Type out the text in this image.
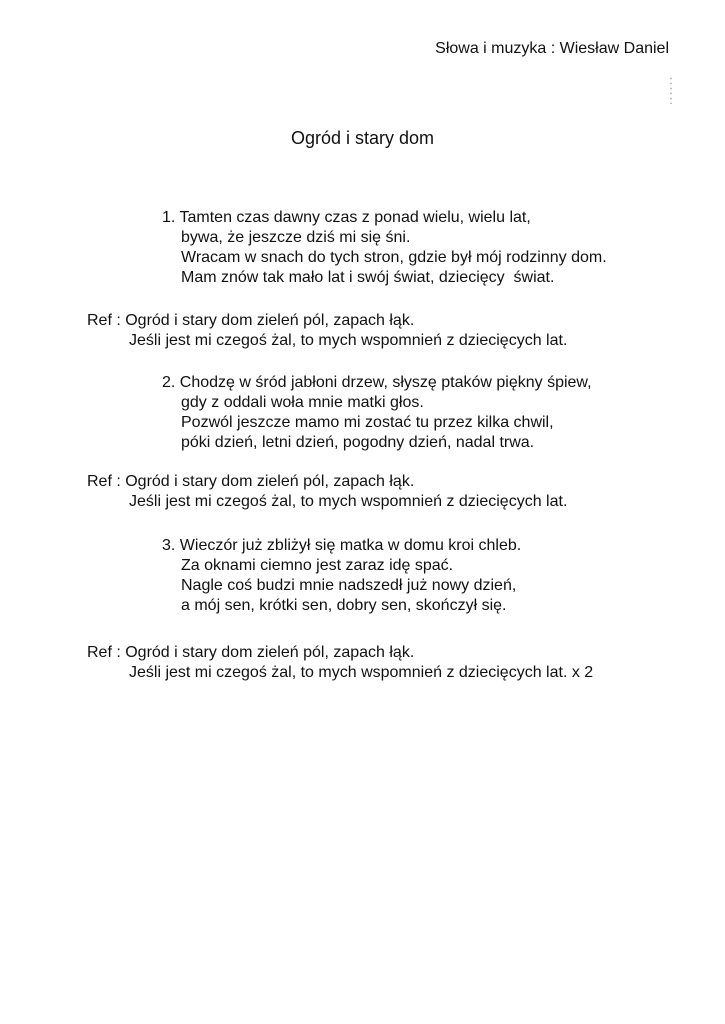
Słowa i muzyka : Wiesław Daniel
Ogród i stary dom
1. Tamten czas dawny czas z ponad wielu, wielu lat,
bywa, że jeszcze dziś mi się śni.
Wracam w snach do tych stron, gdzie był mój rodzinny dom.
Mam znów tak mało lat i swój świat, dziecięcy  świat.
Ref : Ogród i stary dom zieleń pól, zapach łąk.
Jeśli jest mi czegoś żal, to mych wspomnień z dziecięcych lat.
2. Chodzę w śród jabłoni drzew, słyszę ptaków piękny śpiew,
gdy z oddali woła mnie matki głos.
Pozwól jeszcze mamo mi zostać tu przez kilka chwil,
póki dzień, letni dzień, pogodny dzień, nadal trwa.
Ref : Ogród i stary dom zieleń pól, zapach łąk.
Jeśli jest mi czegoś żal, to mych wspomnień z dziecięcych lat.
3. Wieczór już zbliżył się matka w domu kroi chleb.
Za oknami ciemno jest zaraz idę spać.
Nagle coś budzi mnie nadszedł już nowy dzień,
a mój sen, krótki sen, dobry sen, skończył się.
Ref : Ogród i stary dom zieleń pól, zapach łąk.
Jeśli jest mi czegoś żal, to mych wspomnień z dziecięcych lat. x 2
